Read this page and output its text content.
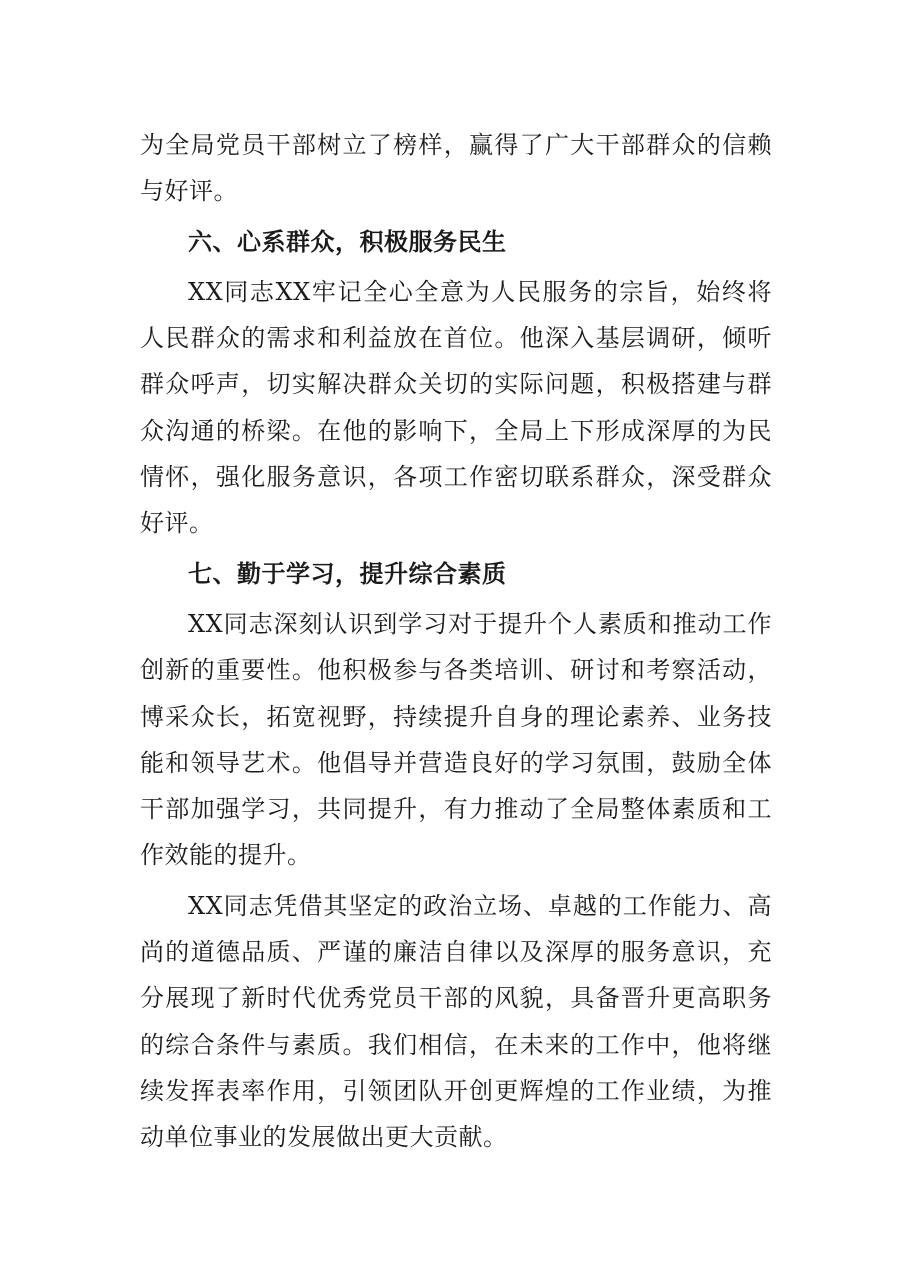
为全局党员干部树立了榜样，赢得了广大干部群众的信赖与好评。

六、心系群众，积极服务民生

XX同志XX牢记全心全意为人民服务的宗旨，始终将人民群众的需求和利益放在首位。他深入基层调研，倾听群众呼声，切实解决群众关切的实际问题，积极搭建与群众沟通的桥梁。在他的影响下，全局上下形成深厚的为民情怀，强化服务意识，各项工作密切联系群众，深受群众好评。

七、勤于学习，提升综合素质

XX同志深刻认识到学习对于提升个人素质和推动工作创新的重要性。他积极参与各类培训、研讨和考察活动，博采众长，拓宽视野，持续提升自身的理论素养、业务技能和领导艺术。他倡导并营造良好的学习氛围，鼓励全体干部加强学习，共同提升，有力推动了全局整体素质和工作效能的提升。

XX同志凭借其坚定的政治立场、卓越的工作能力、高尚的道德品质、严谨的廉洁自律以及深厚的服务意识，充分展现了新时代优秀党员干部的风貌，具备晋升更高职务的综合条件与素质。我们相信，在未来的工作中，他将继续发挥表率作用，引领团队开创更辉煌的工作业绩，为推动单位事业的发展做出更大贡献。
